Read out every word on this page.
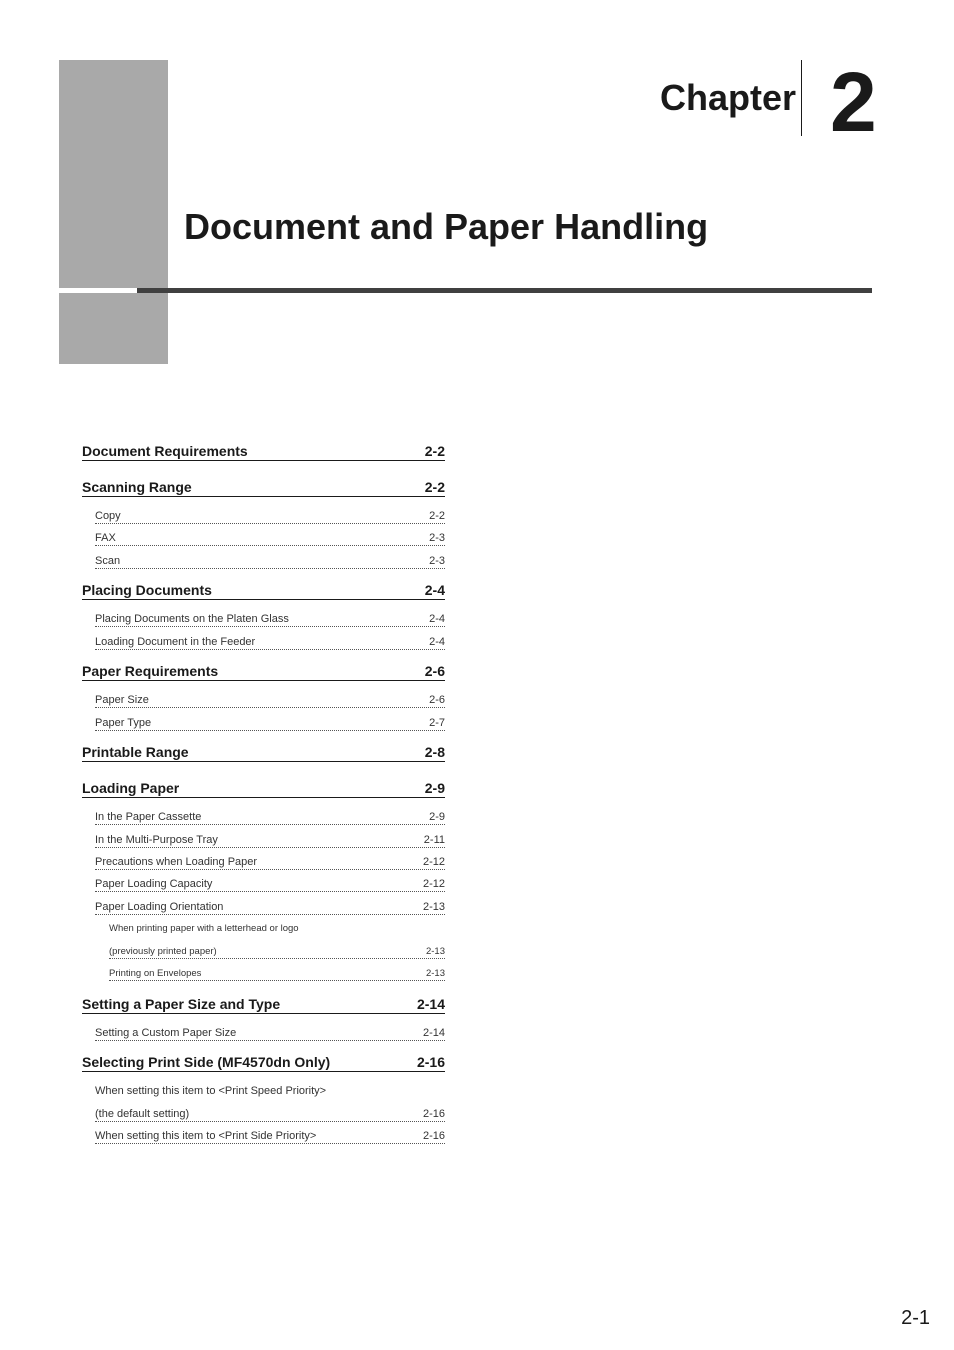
Chapter 2
Document and Paper Handling
Document Requirements	2-2
Scanning Range	2-2
Copy	2-2
FAX	2-3
Scan	2-3
Placing Documents	2-4
Placing Documents on the Platen Glass	2-4
Loading Document in the Feeder	2-4
Paper Requirements	2-6
Paper Size	2-6
Paper Type	2-7
Printable Range	2-8
Loading Paper	2-9
In the Paper Cassette	2-9
In the Multi-Purpose Tray	2-11
Precautions when Loading Paper	2-12
Paper Loading Capacity	2-12
Paper Loading Orientation	2-13
When printing paper with a letterhead or logo
(previously printed paper)	2-13
Printing on Envelopes	2-13
Setting a Paper Size and Type	2-14
Setting a Custom Paper Size	2-14
Selecting Print Side (MF4570dn Only)	2-16
When setting this item to <Print Speed Priority>
(the default setting)	2-16
When setting this item to <Print Side Priority>	2-16
2-1
